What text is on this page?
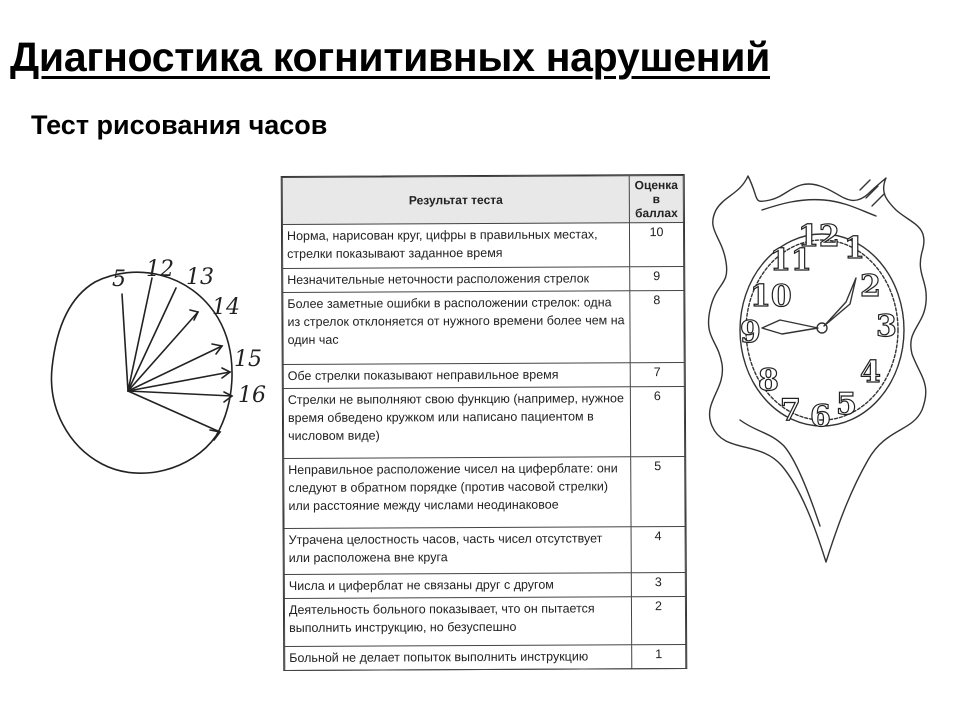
Диагностика когнитивных нарушений
Тест рисования часов
5 12 13
14
15
16
Результат теста	Оценка в баллах
Норма, нарисован круг, цифры в правильных местах, стрелки показывают заданное время	10
Незначительные неточности расположения стрелок	9
Более заметные ошибки в расположении стрелок: одна из стрелок отклоняется от нужного времени более чем на один час	8
Обе стрелки показывают неправильное время	7
Стрелки не выполняют свою функцию (например, нужное время обведено кружком или написано пациентом в числовом виде)	6
Неправильное расположение чисел на циферблате: они следуют в обратном порядке (против часовой стрелки) или расстояние между числами неодинаковое	5
Утрачена целостность часов, часть чисел отсутствует или расположена вне круга	4
Числа и циферблат не связаны друг с другом	3
Деятельность больного показывает, что он пытается выполнить инструкцию, но безуспешно	2
Больной не делает попыток выполнить инструкцию	1
12 1
2
3
4
5
6
7
8
9
10
11
